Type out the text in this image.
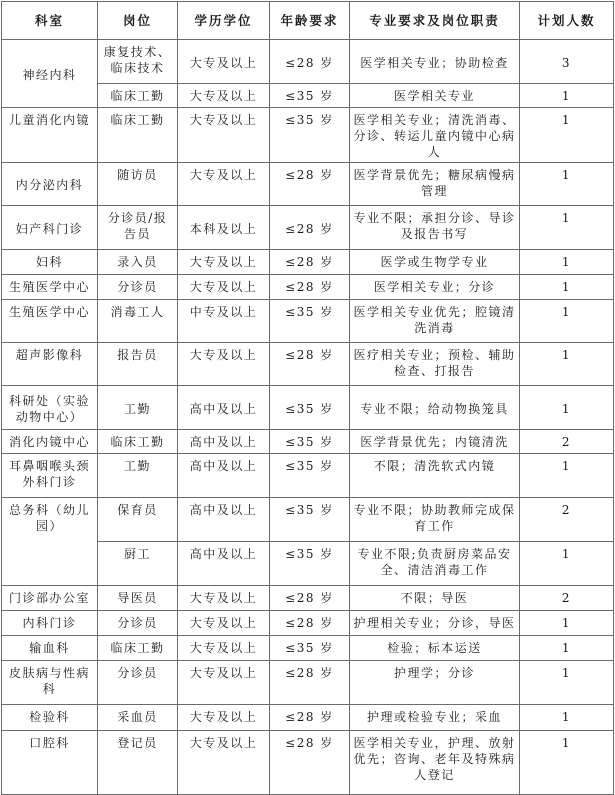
科室	岗位	学历学位	年龄要求	专业要求及岗位职责	计划人数
神经内科	康复技术、临床技术	大专及以上	≤28 岁	医学相关专业；协助检查	3
	临床工勤	大专及以上	≤35 岁	医学相关专业	1
儿童消化内镜	临床工勤	大专及以上	≤35 岁	医学相关专业；清洗消毒、分诊、转运儿童内镜中心病人	1
内分泌内科	随访员	大专及以上	≤28 岁	医学背景优先；糖尿病慢病管理	1
妇产科门诊	分诊员/报告员	本科及以上	≤28 岁	专业不限；承担分诊、导诊及报告书写	1
妇科	录入员	大专及以上	≤28 岁	医学或生物学专业	1
生殖医学中心	分诊员	大专及以上	≤28 岁	医学相关专业；分诊	1
生殖医学中心	消毒工人	中专及以上	≤35 岁	医学相关专业优先；腔镜清洗消毒	1
超声影像科	报告员	大专及以上	≤28 岁	医疗相关专业；预检、辅助检查、打报告	1
科研处（实验动物中心）	工勤	高中及以上	≤35 岁	专业不限；给动物换笼具	1
消化内镜中心	临床工勤	高中及以上	≤35 岁	医学背景优先；内镜清洗	2
耳鼻咽喉头颈外科门诊	工勤	高中及以上	≤35 岁	不限；清洗软式内镜	1
总务科（幼儿园）	保育员	高中及以上	≤35 岁	专业不限；协助教师完成保育工作	2
	厨工	高中及以上	≤35 岁	专业不限;负责厨房菜品安全、清洁消毒工作	1
门诊部办公室	导医员	大专及以上	≤28 岁	不限；导医	2
内科门诊	分诊员	大专及以上	≤28 岁	护理相关专业；分诊，导医	1
输血科	临床工勤	大专及以上	≤35 岁	检验；标本运送	1
皮肤病与性病科	分诊员	大专及以上	≤28 岁	护理学；分诊	1
检验科	采血员	大专及以上	≤28 岁	护理或检验专业；采血	1
口腔科	登记员	大专及以上	≤28 岁	医学相关专业，护理、放射优先；咨询、老年及特殊病人登记	1
